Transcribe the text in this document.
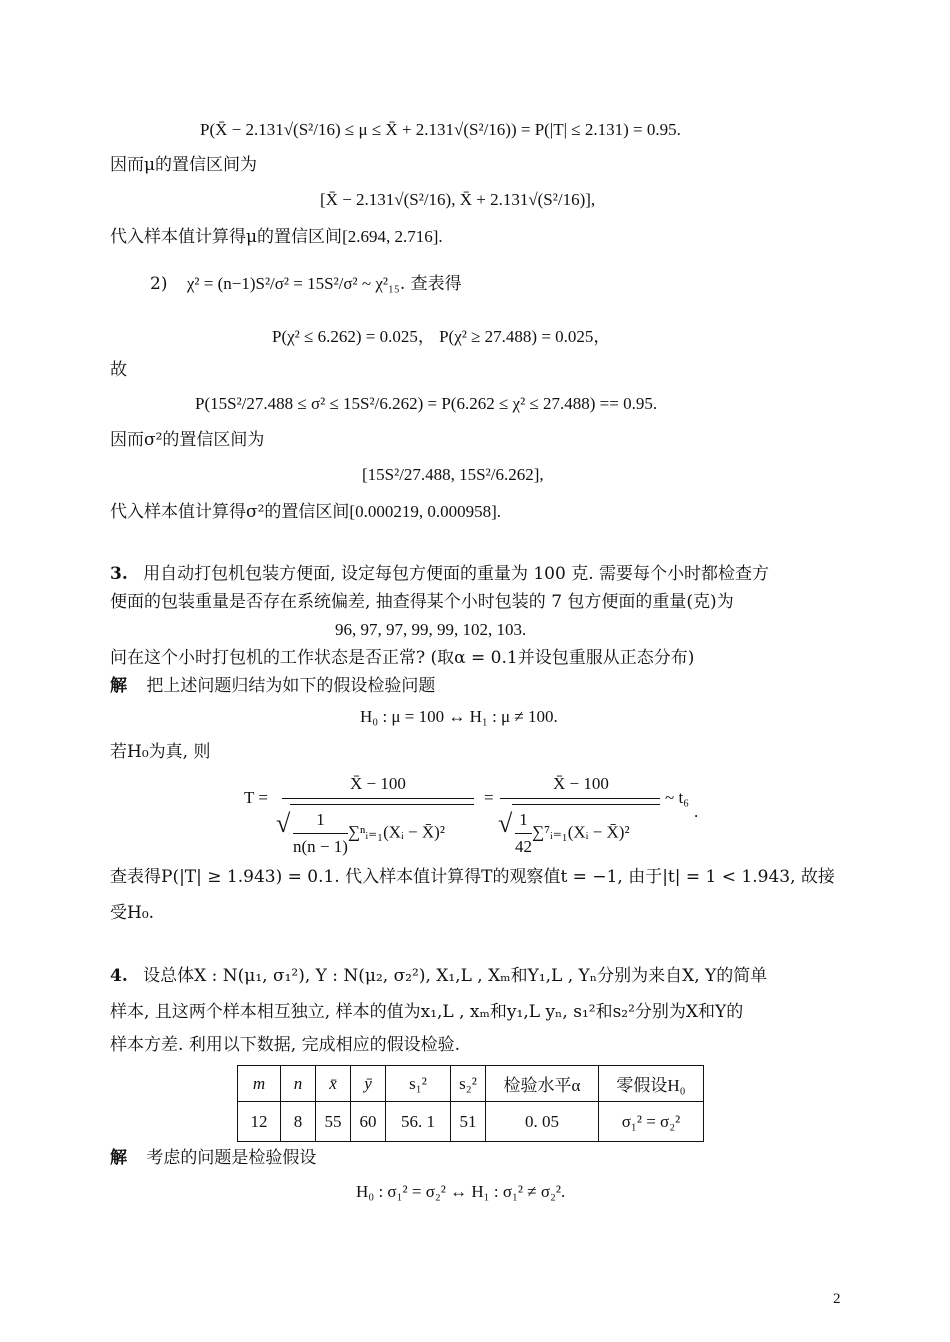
P(X̄ − 2.131√(S²/16) ≤ μ ≤ X̄ + 2.131√(S²/16)) = P(|T| ≤ 2.131) = 0.95.
因而μ的置信区间为
[X̄ − 2.131√(S²/16), X̄ + 2.131√(S²/16)],
代入样本值计算得μ的置信区间[2.694, 2.716].
2) χ² = (n−1)S²/σ² = 15S²/σ² ~ χ²₁₅. 查表得
P(χ² ≤ 6.262) = 0.025， P(χ² ≥ 27.488) = 0.025，
故
P(15S²/27.488 ≤ σ² ≤ 15S²/6.262) = P(6.262 ≤ χ² ≤ 27.488) == 0.95.
因而σ²的置信区间为
[15S²/27.488, 15S²/6.262],
代入样本值计算得σ²的置信区间[0.000219, 0.000958].
3. 用自动打包机包装方便面, 设定每包方便面的重量为 100 克. 需要每个小时都检查方
便面的包装重量是否存在系统偏差, 抽查得某个小时包装的 7 包方便面的重量(克)为
96, 97, 97, 99, 99, 102, 103.
问在这个小时打包机的工作状态是否正常? (取α = 0.1并设包重服从正态分布)
解 把上述问题归结为如下的假设检验问题
H₀ : μ = 100 ↔ H₁ : μ ≠ 100.
若H₀为真, 则
T =
X̄ − 100
√ $\frac{1}{n(n - 1)}$ ∑ⁿᵢ₌₁(Xᵢ − X̄)²
=
X̄ − 100
√ $\frac{1}{42}$ ∑⁷ᵢ₌₁(Xᵢ − X̄)²
~ t₆
.
查表得P(|T| ≥ 1.943) = 0.1. 代入样本值计算得T的观察值t = −1, 由于|t| = 1 < 1.943, 故接
受H₀.
4. 设总体X : N(μ₁, σ₁²), Y : N(μ₂, σ₂²), X₁,L , Xₘ和Y₁,L , Yₙ分别为来自X, Y的简单
样本, 且这两个样本相互独立, 样本的值为x₁,L , xₘ和y₁,L yₙ, s₁²和s₂²分别为X和Y的
样本方差. 利用以下数据, 完成相应的假设检验.
m	n	x̄	ȳ	s₁²	s₂²	检验水平α	零假设H₀
12	8	55	60	56. 1	51	0. 05	σ₁² = σ₂²
解 考虑的问题是检验假设
H₀ : σ₁² = σ₂² ↔ H₁ : σ₁² ≠ σ₂².
2
